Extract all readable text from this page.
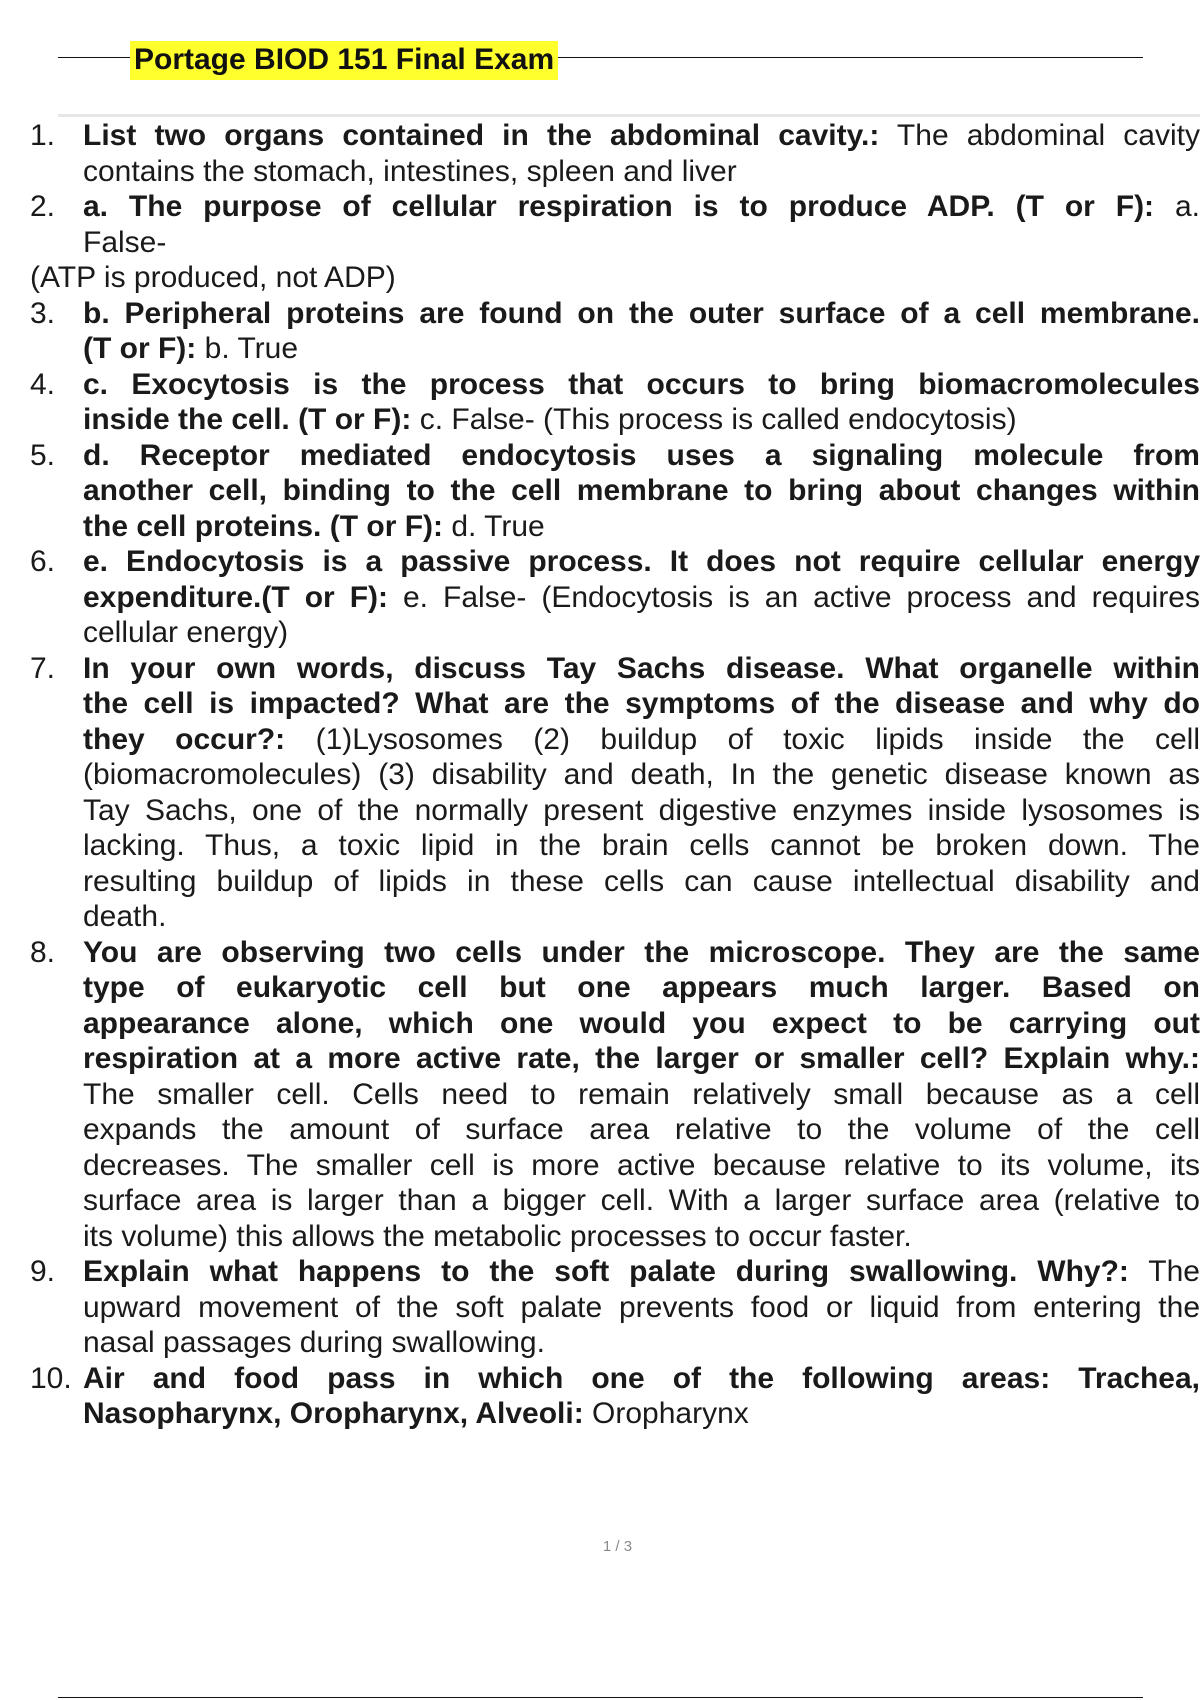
Portage BIOD 151 Final Exam
1. List two organs contained in the abdominal cavity.: The abdominal cavity
contains the stomach, intestines, spleen and liver
2. a. The purpose of cellular respiration is to produce ADP. (T or F): a.
False-
(ATP is produced, not ADP)
3. b. Peripheral proteins are found on the outer surface of a cell membrane.
(T or F): b. True
4. c. Exocytosis is the process that occurs to bring biomacromolecules
inside the cell. (T or F): c. False- (This process is called endocytosis)
5. d. Receptor mediated endocytosis uses a signaling molecule from
another cell, binding to the cell membrane to bring about changes within
the cell proteins. (T or F): d. True
6. e. Endocytosis is a passive process. It does not require cellular energy
expenditure.(T or F): e. False- (Endocytosis is an active process and requires
cellular energy)
7. In your own words, discuss Tay Sachs disease. What organelle within
the cell is impacted? What are the symptoms of the disease and why do
they occur?: (1)Lysosomes (2) buildup of toxic lipids inside the cell
(biomacromolecules) (3) disability and death, In the genetic disease known as
Tay Sachs, one of the normally present digestive enzymes inside lysosomes is
lacking. Thus, a toxic lipid in the brain cells cannot be broken down. The
resulting buildup of lipids in these cells can cause intellectual disability and
death.
8. You are observing two cells under the microscope. They are the same
type of eukaryotic cell but one appears much larger. Based on
appearance alone, which one would you expect to be carrying out
respiration at a more active rate, the larger or smaller cell? Explain why.:
The smaller cell. Cells need to remain relatively small because as a cell
expands the amount of surface area relative to the volume of the cell
decreases. The smaller cell is more active because relative to its volume, its
surface area is larger than a bigger cell. With a larger surface area (relative to
its volume) this allows the metabolic processes to occur faster.
9. Explain what happens to the soft palate during swallowing. Why?: The
upward movement of the soft palate prevents food or liquid from entering the
nasal passages during swallowing.
10. Air and food pass in which one of the following areas: Trachea,
Nasopharynx, Oropharynx, Alveoli: Oropharynx
1 / 3
